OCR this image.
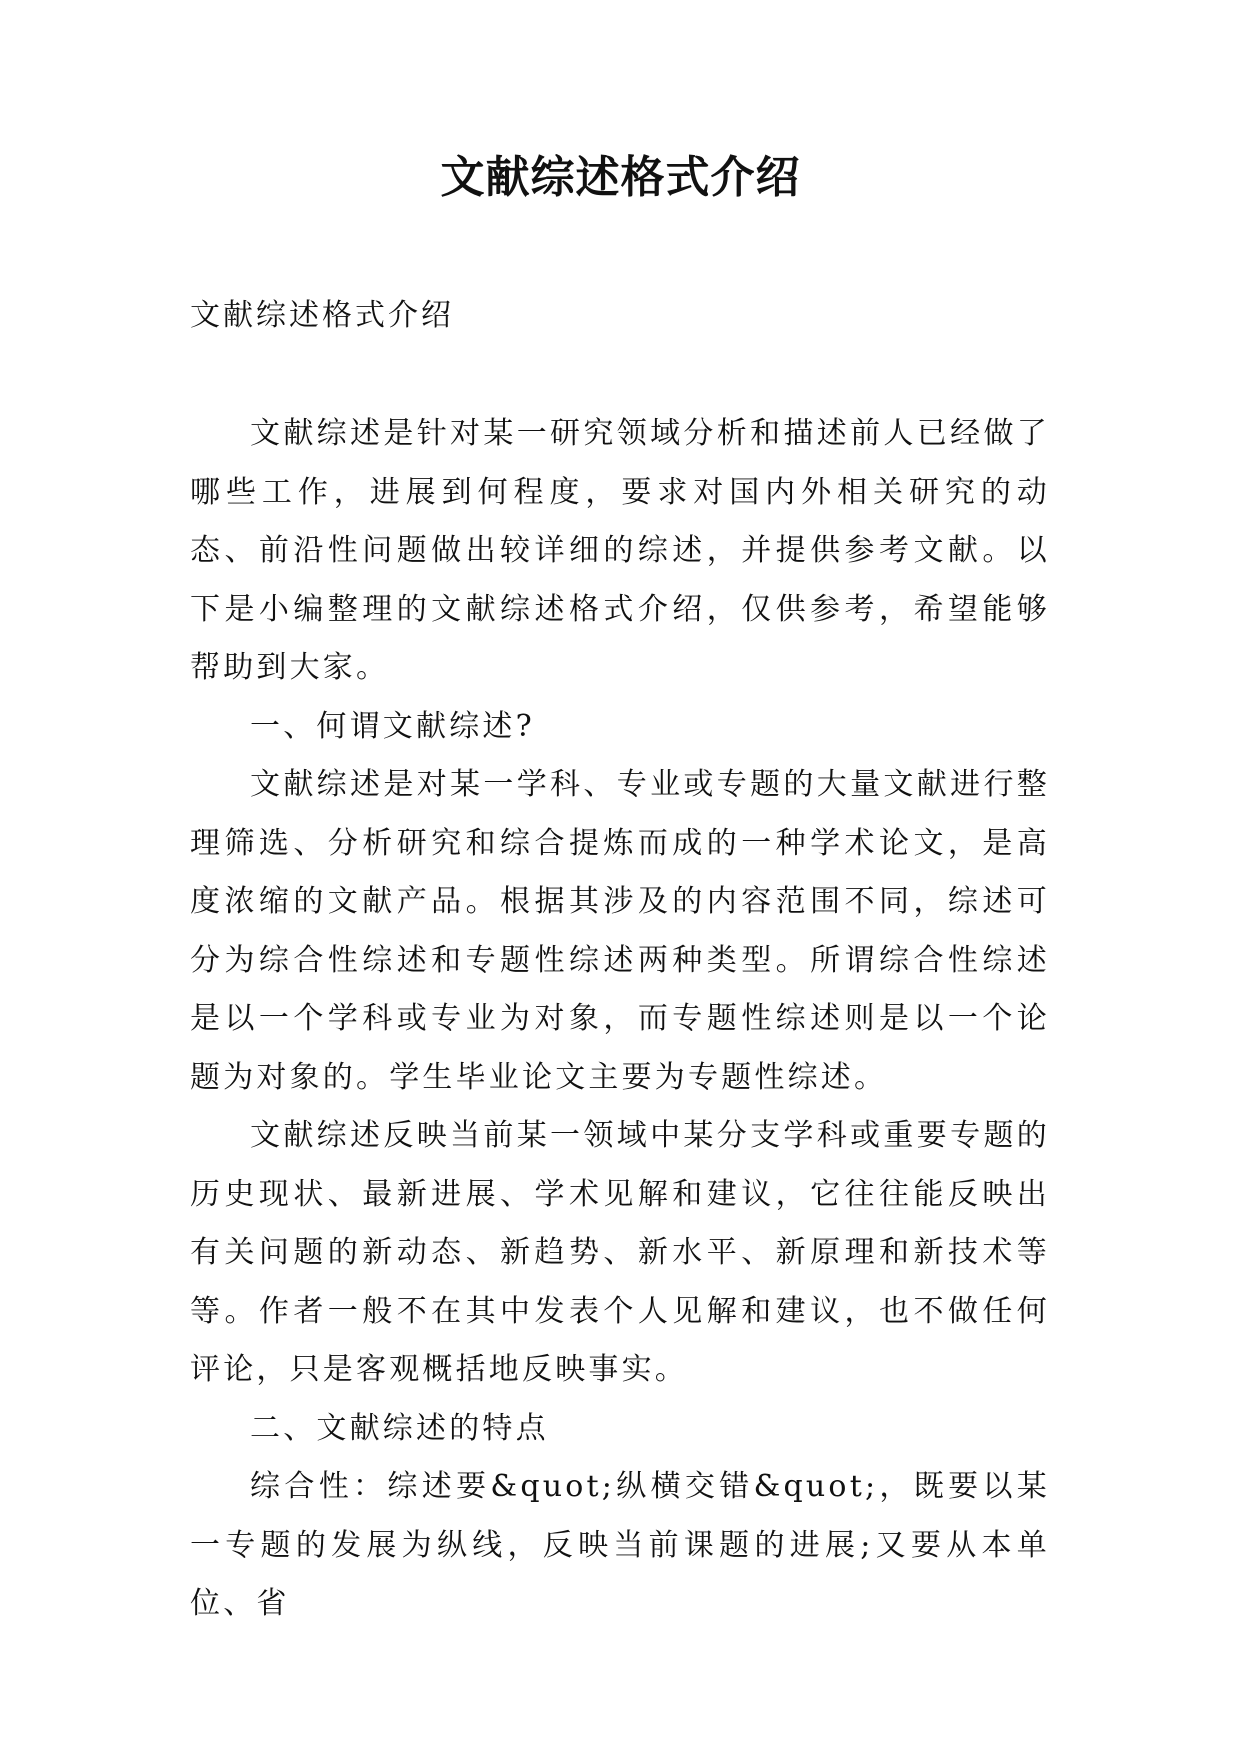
文献综述格式介绍

文献综述格式介绍

文献综述是针对某一研究领域分析和描述前人已经做了哪些工作，进展到何程度，要求对国内外相关研究的动态、前沿性问题做出较详细的综述，并提供参考文献。以下是小编整理的文献综述格式介绍，仅供参考，希望能够帮助到大家。

一、何谓文献综述?

文献综述是对某一学科、专业或专题的大量文献进行整理筛选、分析研究和综合提炼而成的一种学术论文，是高度浓缩的文献产品。根据其涉及的内容范围不同，综述可分为综合性综述和专题性综述两种类型。所谓综合性综述是以一个学科或专业为对象，而专题性综述则是以一个论题为对象的。学生毕业论文主要为专题性综述。

文献综述反映当前某一领域中某分支学科或重要专题的历史现状、最新进展、学术见解和建议，它往往能反映出有关问题的新动态、新趋势、新水平、新原理和新技术等等。作者一般不在其中发表个人见解和建议，也不做任何评论，只是客观概括地反映事实。

二、文献综述的特点

综合性：综述要&quot;纵横交错&quot;，既要以某一专题的发展为纵线，反映当前课题的进展;又要从本单位、省
